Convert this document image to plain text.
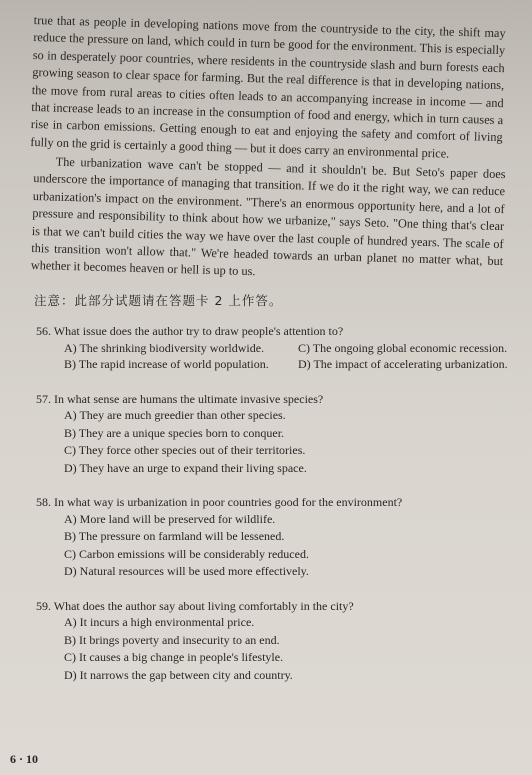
true that as people in developing nations move from the countryside to the city, the shift may reduce the pressure on land, which could in turn be good for the environment. This is especially so in desperately poor countries, where residents in the countryside slash and burn forests each growing season to clear space for farming. But the real difference is that in developing nations, the move from rural areas to cities often leads to an accompanying increase in income — and that increase leads to an increase in the consumption of food and energy, which in turn causes a rise in carbon emissions. Getting enough to eat and enjoying the safety and comfort of living fully on the grid is certainly a good thing — but it does carry an environmental price.

The urbanization wave can't be stopped — and it shouldn't be. But Seto's paper does underscore the importance of managing that transition. If we do it the right way, we can reduce urbanization's impact on the environment. "There's an enormous opportunity here, and a lot of pressure and responsibility to think about how we urbanize," says Seto. "One thing that's clear is that we can't build cities the way we have over the last couple of hundred years. The scale of this transition won't allow that." We're headed towards an urban planet no matter what, but whether it becomes heaven or hell is up to us.

注意：此部分试题请在答题卡 2 上作答。
56. What issue does the author try to draw people's attention to?
A) The shrinking biodiversity worldwide.	C) The ongoing global economic recession.
B) The rapid increase of world population.	D) The impact of accelerating urbanization.
57. In what sense are humans the ultimate invasive species?
A) They are much greedier than other species.
B) They are a unique species born to conquer.
C) They force other species out of their territories.
D) They have an urge to expand their living space.
58. In what way is urbanization in poor countries good for the environment?
A) More land will be preserved for wildlife.
B) The pressure on farmland will be lessened.
C) Carbon emissions will be considerably reduced.
D) Natural resources will be used more effectively.
59. What does the author say about living comfortably in the city?
A) It incurs a high environmental price.
B) It brings poverty and insecurity to an end.
C) It causes a big change in people's lifestyle.
D) It narrows the gap between city and country.
6 · 10
